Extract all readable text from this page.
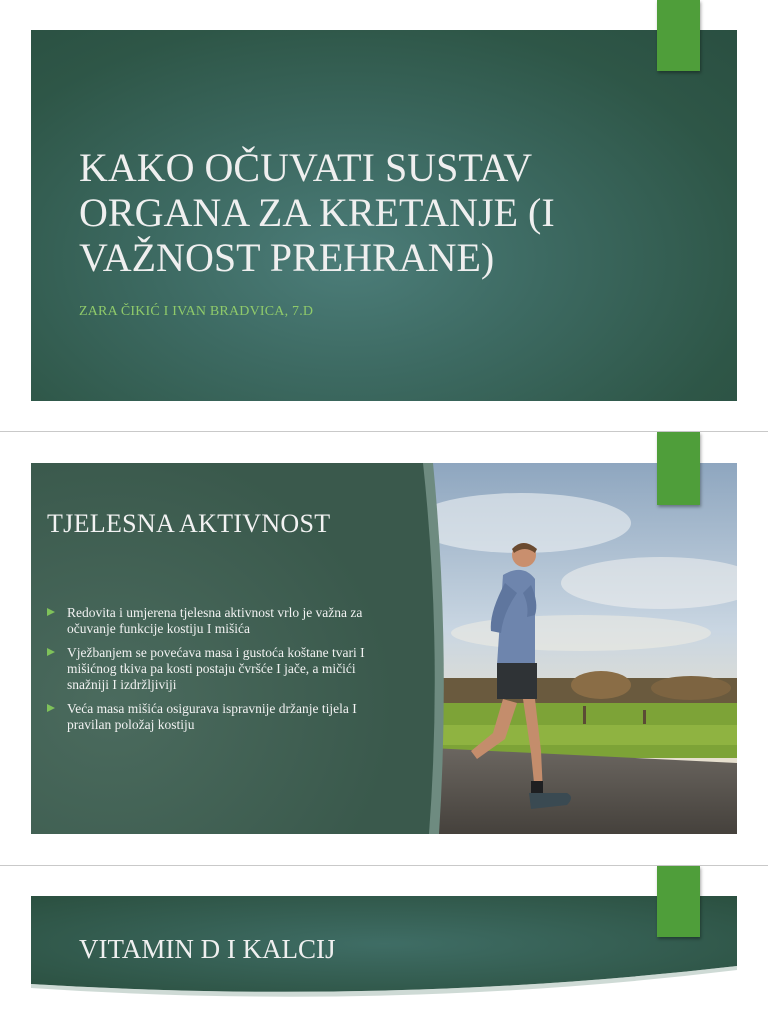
KAKO OČUVATI SUSTAV ORGANA ZA KRETANJE (I VAŽNOST PREHRANE)
ZARA ČIKIĆ I IVAN BRADVICA, 7.D
TJELESNA AKTIVNOST
Redovita i umjerena tjelesna aktivnost vrlo je važna za očuvanje funkcije kostiju I mišića
Vježbanjem se povećava masa i gustoća koštane tvari I mišićnog tkiva pa kosti postaju čvršće I jače, a mičići snažniji I izdržljiviji
Veća masa mišića osigurava ispravnije držanje tijela I pravilan položaj kostiju
VITAMIN D I KALCIJ
